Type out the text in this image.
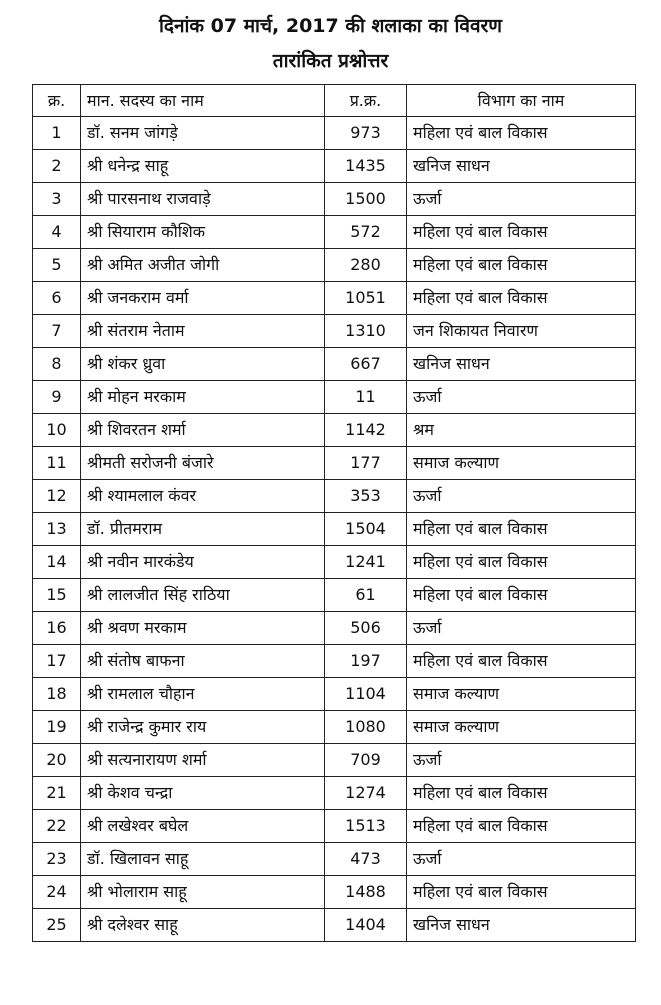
दिनांक 07 मार्च, 2017 की शलाका का विवरण
तारांकित प्रश्नोत्तर
क्र.	मान. सदस्य का नाम	प्र.क्र.	विभाग का नाम
1	डॉ. सनम जांगड़े	973	महिला एवं बाल विकास
2	श्री धनेन्द्र साहू	1435	खनिज साधन
3	श्री पारसनाथ राजवाड़े	1500	ऊर्जा
4	श्री सियाराम कौशिक	572	महिला एवं बाल विकास
5	श्री अमित अजीत जोगी	280	महिला एवं बाल विकास
6	श्री जनकराम वर्मा	1051	महिला एवं बाल विकास
7	श्री संतराम नेताम	1310	जन शिकायत निवारण
8	श्री शंकर ध्रुवा	667	खनिज साधन
9	श्री मोहन मरकाम	11	ऊर्जा
10	श्री शिवरतन शर्मा	1142	श्रम
11	श्रीमती सरोजनी बंजारे	177	समाज कल्याण
12	श्री श्यामलाल कंवर	353	ऊर्जा
13	डॉ. प्रीतमराम	1504	महिला एवं बाल विकास
14	श्री नवीन मारकंडेय	1241	महिला एवं बाल विकास
15	श्री लालजीत सिंह राठिया	61	महिला एवं बाल विकास
16	श्री श्रवण मरकाम	506	ऊर्जा
17	श्री संतोष बाफना	197	महिला एवं बाल विकास
18	श्री रामलाल चौहान	1104	समाज कल्याण
19	श्री राजेन्द्र कुमार राय	1080	समाज कल्याण
20	श्री सत्यनारायण शर्मा	709	ऊर्जा
21	श्री केशव चन्द्रा	1274	महिला एवं बाल विकास
22	श्री लखेश्वर बघेल	1513	महिला एवं बाल विकास
23	डॉ. खिलावन साहू	473	ऊर्जा
24	श्री भोलाराम साहू	1488	महिला एवं बाल विकास
25	श्री दलेश्वर साहू	1404	खनिज साधन
